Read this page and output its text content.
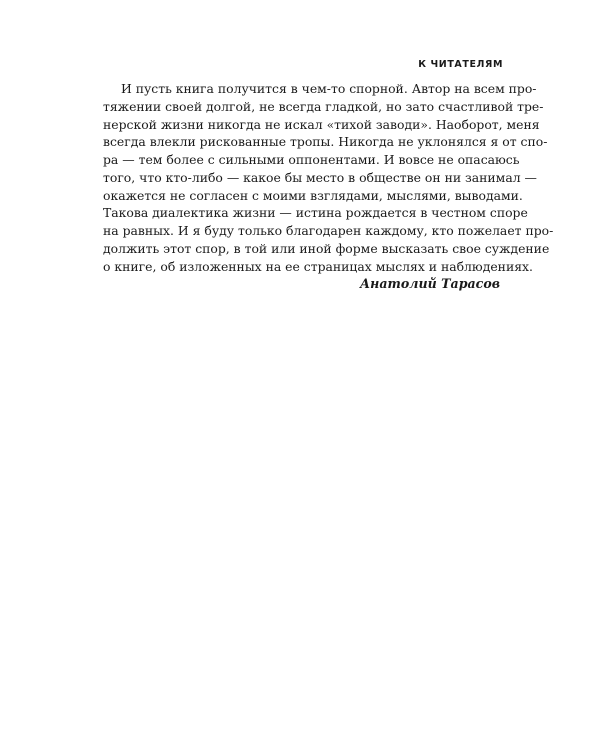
К ЧИТАТЕЛЯМ
И пусть книга получится в чем-то спорной. Автор на всем про-
тяжении своей долгой, не всегда гладкой, но зато счастливой тре-
нерской жизни никогда не искал «тихой заводи». Наоборот, меня
всегда влекли рискованные тропы. Никогда не уклонялся я от спо-
ра — тем более с сильными оппонентами. И вовсе не опасаюсь
того, что кто-либо — какое бы место в обществе он ни занимал —
окажется не согласен с моими взглядами, мыслями, выводами.
Такова диалектика жизни — истина рождается в честном споре
на равных. И я буду только благодарен каждому, кто пожелает про-
должить этот спор, в той или иной форме высказать свое суждение
о книге, об изложенных на ее страницах мыслях и наблюдениях.
Анатолий Тарасов
